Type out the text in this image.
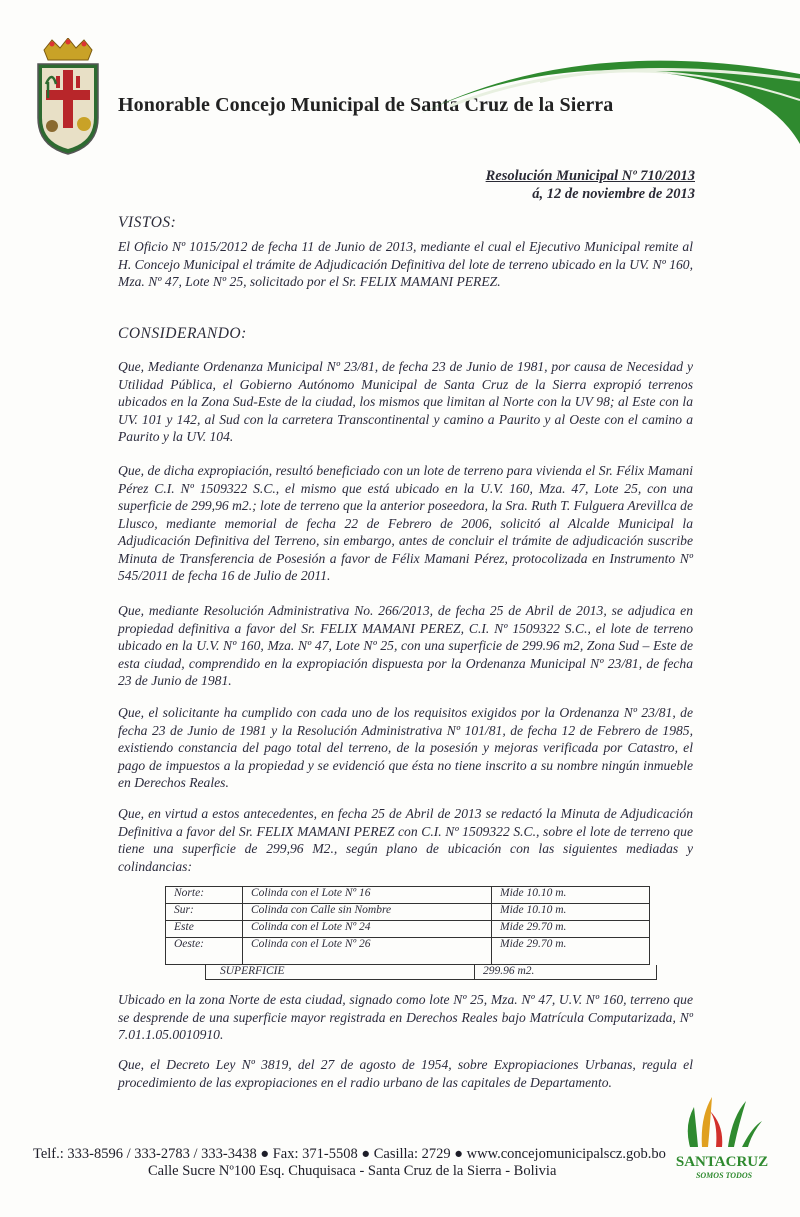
Honorable Concejo Municipal de Santa Cruz de la Sierra
Resolución Municipal Nº 710/2013
á, 12 de noviembre de 2013
VISTOS:
El Oficio Nº 1015/2012 de fecha 11 de Junio de 2013, mediante el cual el Ejecutivo Municipal remite al H. Concejo Municipal el trámite de Adjudicación Definitiva del lote de terreno ubicado en la UV. Nº 160, Mza. Nº 47, Lote Nº 25, solicitado por el Sr. FELIX MAMANI PEREZ.
CONSIDERANDO:
Que, Mediante Ordenanza Municipal Nº 23/81, de fecha 23 de Junio de 1981, por causa de Necesidad y Utilidad Pública, el Gobierno Autónomo Municipal de Santa Cruz de la Sierra expropió terrenos ubicados en la Zona Sud-Este de la ciudad, los mismos que limitan al Norte con la UV 98; al Este con la UV. 101 y 142, al Sud con la carretera Transcontinental y camino a Paurito y al Oeste con el camino a Paurito y la UV. 104.
Que, de dicha expropiación, resultó beneficiado con un lote de terreno para vivienda el Sr. Félix Mamani Pérez C.I. Nº 1509322 S.C., el mismo que está ubicado en la U.V. 160, Mza. 47, Lote 25, con una superficie de 299,96 m2.; lote de terreno que la anterior poseedora, la Sra. Ruth T. Fulguera Arevillca de Llusco, mediante memorial de fecha 22 de Febrero de 2006, solicitó al Alcalde Municipal la Adjudicación Definitiva del Terreno, sin embargo, antes de concluir el trámite de adjudicación suscribe Minuta de Transferencia de Posesión a favor de Félix Mamani Pérez, protocolizada en Instrumento Nº 545/2011 de fecha 16 de Julio de 2011.
Que, mediante Resolución Administrativa No. 266/2013, de fecha 25 de Abril de 2013, se adjudica en propiedad definitiva a favor del Sr. FELIX MAMANI PEREZ, C.I. Nº 1509322 S.C., el lote de terreno ubicado en la U.V. Nº 160, Mza. Nº 47, Lote Nº 25, con una superficie de 299.96 m2, Zona Sud – Este de esta ciudad, comprendido en la expropiación dispuesta por la Ordenanza Municipal Nº 23/81, de fecha 23 de Junio de 1981.
Que, el solicitante ha cumplido con cada uno de los requisitos exigidos por la Ordenanza Nº 23/81, de fecha 23 de Junio de 1981 y la Resolución Administrativa Nº 101/81, de fecha 12 de Febrero de 1985, existiendo constancia del pago total del terreno, de la posesión y mejoras verificada por Catastro, el pago de impuestos a la propiedad y se evidenció que ésta no tiene inscrito a su nombre ningún inmueble en Derechos Reales.
Que, en virtud a estos antecedentes, en fecha 25 de Abril de 2013 se redactó la Minuta de Adjudicación Definitiva a favor del Sr. FELIX MAMANI PEREZ con C.I. Nº 1509322 S.C., sobre el lote de terreno que tiene una superficie de 299,96 M2., según plano de ubicación con las siguientes mediadas y colindancias:
Norte:	Colinda con el Lote Nº 16	Mide 10.10 m.
Sur:	Colinda con Calle sin Nombre	Mide 10.10 m.
Este	Colinda con el Lote Nº 24	Mide 29.70 m.
Oeste:	Colinda con el Lote Nº 26	Mide 29.70 m.
SUPERFICIE	299.96 m2.
Ubicado en la zona Norte de esta ciudad, signado como lote Nº 25, Mza. Nº 47, U.V. Nº 160, terreno que se desprende de una superficie mayor registrada en Derechos Reales bajo Matrícula Computarizada, Nº 7.01.1.05.0010910.
Que, el Decreto Ley Nº 3819, del 27 de agosto de 1954, sobre Expropiaciones Urbanas, regula el procedimiento de las expropiaciones en el radio urbano de las capitales de Departamento.
Telf.: 333-8596 / 333-2783 / 333-3438 ● Fax: 371-5508 ● Casilla: 2729 ● www.concejomunicipalscz.gob.bo
Calle Sucre Nº100 Esq. Chuquisaca - Santa Cruz de la Sierra - Bolivia
SANTACRUZ
SOMOS TODOS
